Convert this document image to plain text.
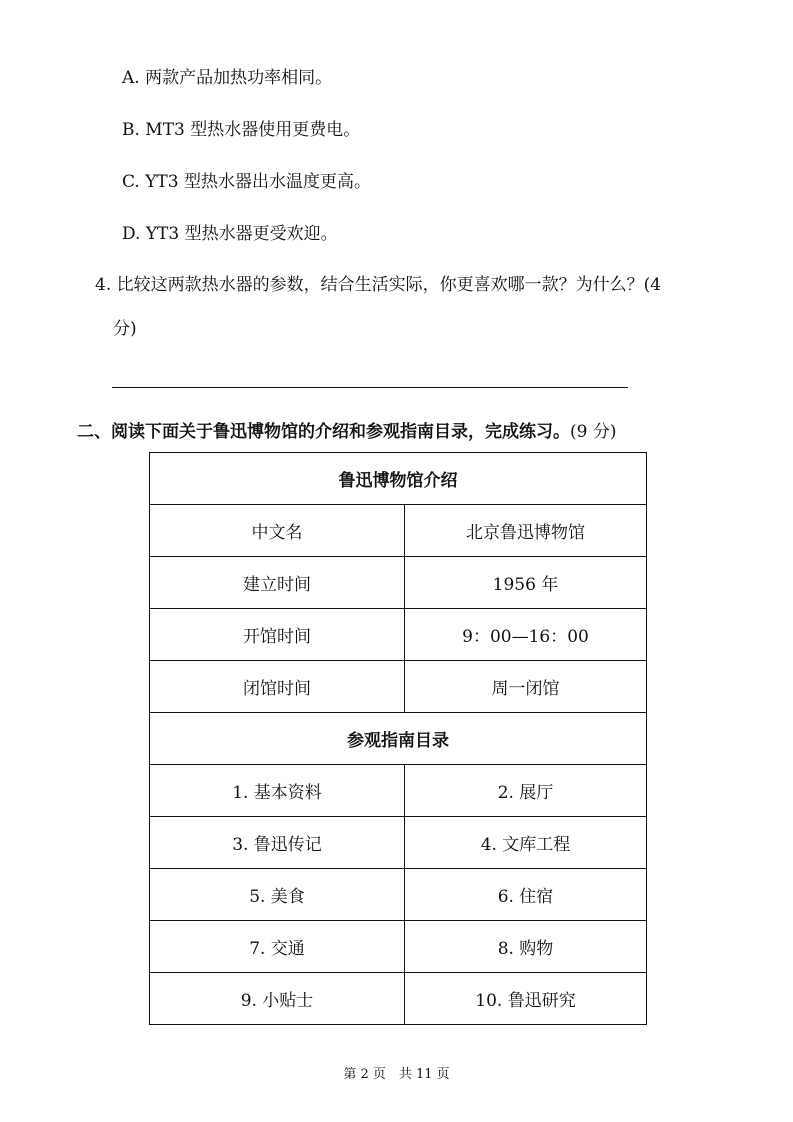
A. 两款产品加热功率相同。
B. MT3 型热水器使用更费电。
C. YT3 型热水器出水温度更高。
D. YT3 型热水器更受欢迎。
4. 比较这两款热水器的参数，结合生活实际，你更喜欢哪一款？为什么？(4
分)
二、阅读下面关于鲁迅博物馆的介绍和参观指南目录，完成练习。(9 分)
鲁迅博物馆介绍	
中文名	北京鲁迅博物馆
建立时间	1956 年
开馆时间	9：00—16：00
闭馆时间	周一闭馆
参观指南目录	
1. 基本资料	2. 展厅
3. 鲁迅传记	4. 文库工程
5. 美食	6. 住宿
7. 交通	8. 购物
9. 小贴士	10. 鲁迅研究
第 2 页　共 11 页
